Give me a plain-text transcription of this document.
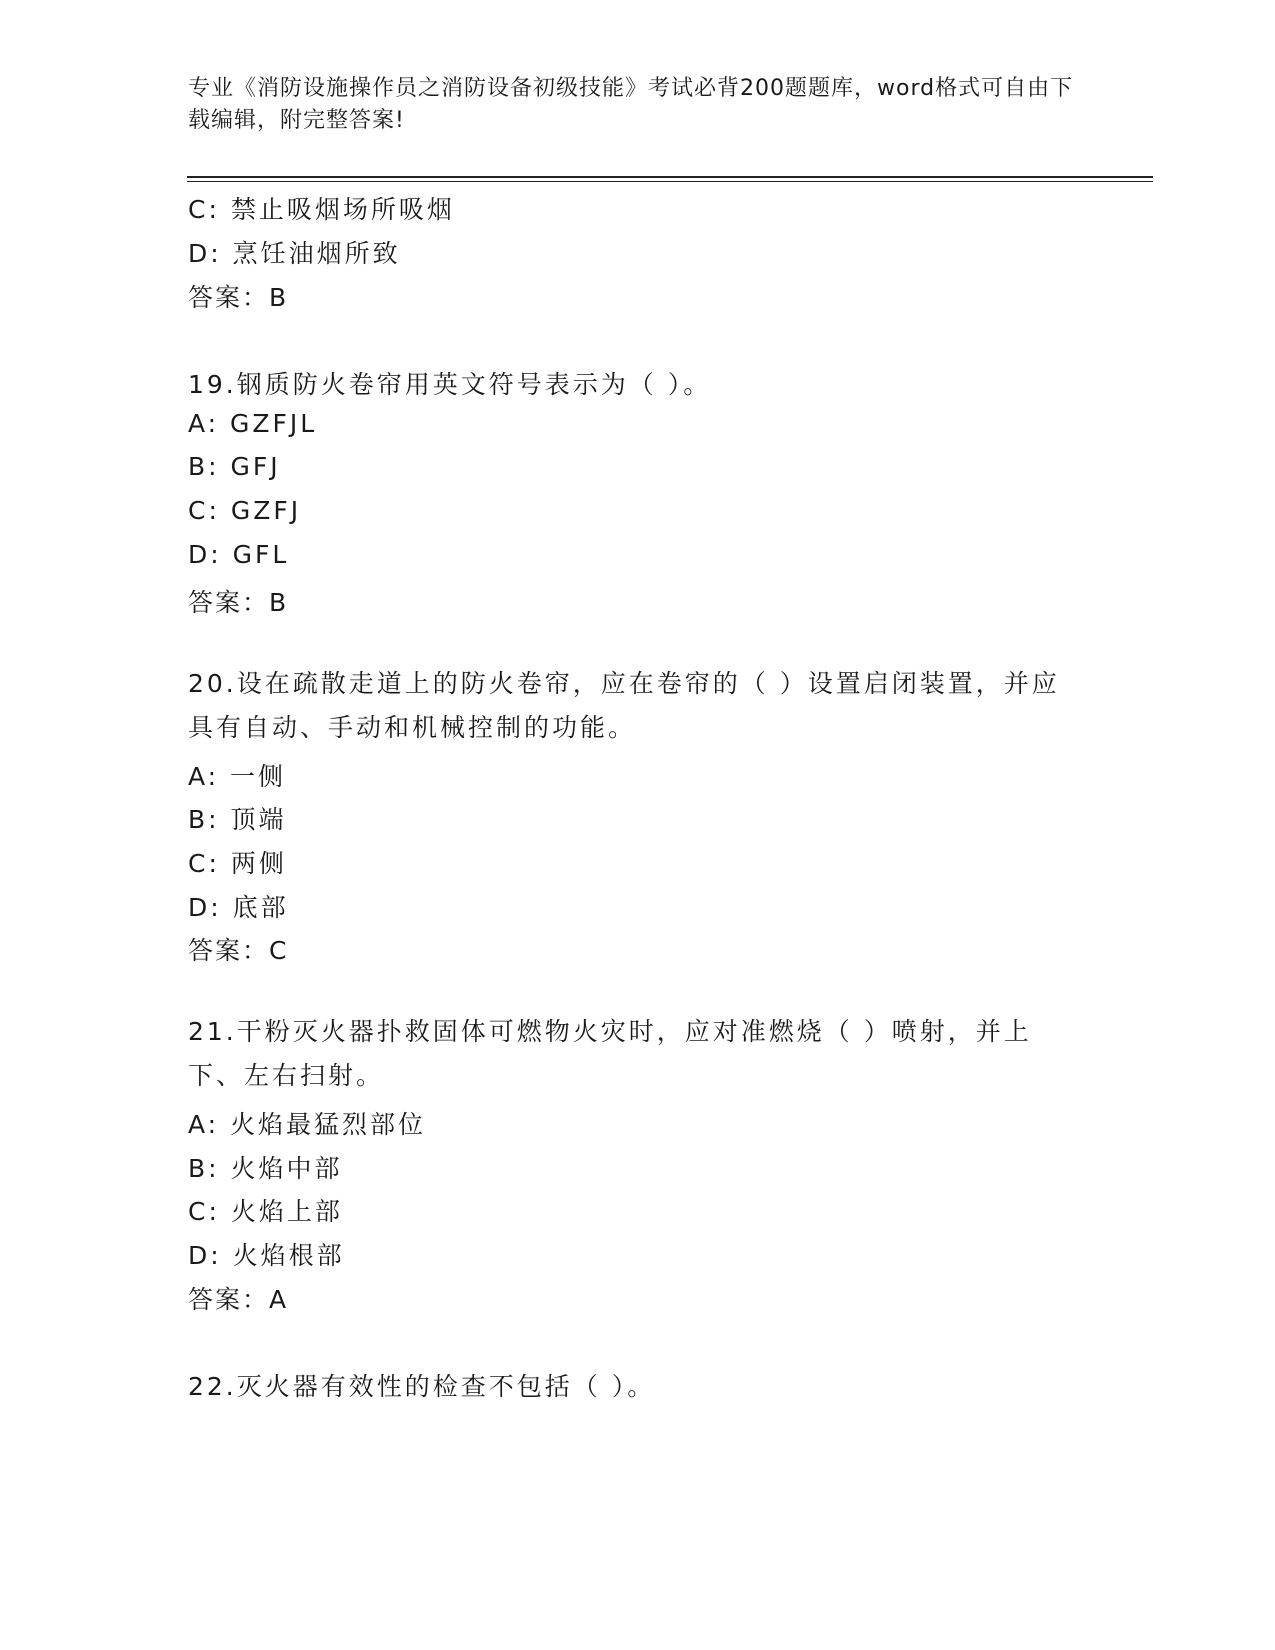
专业《消防设施操作员之消防设备初级技能》考试必背200题题库，word格式可自由下载编辑，附完整答案!
C: 禁止吸烟场所吸烟
D: 烹饪油烟所致
答案：B
19.钢质防火卷帘用英文符号表示为（ ）。
A: GZFJL
B: GFJ
C: GZFJ
D: GFL
答案：B
20.设在疏散走道上的防火卷帘，应在卷帘的（ ）设置启闭装置，并应具有自动、手动和机械控制的功能。
A: 一侧
B: 顶端
C: 两侧
D: 底部
答案：C
21.干粉灭火器扑救固体可燃物火灾时，应对准燃烧（ ）喷射，并上下、左右扫射。
A: 火焰最猛烈部位
B: 火焰中部
C: 火焰上部
D: 火焰根部
答案：A
22.灭火器有效性的检查不包括（ ）。
